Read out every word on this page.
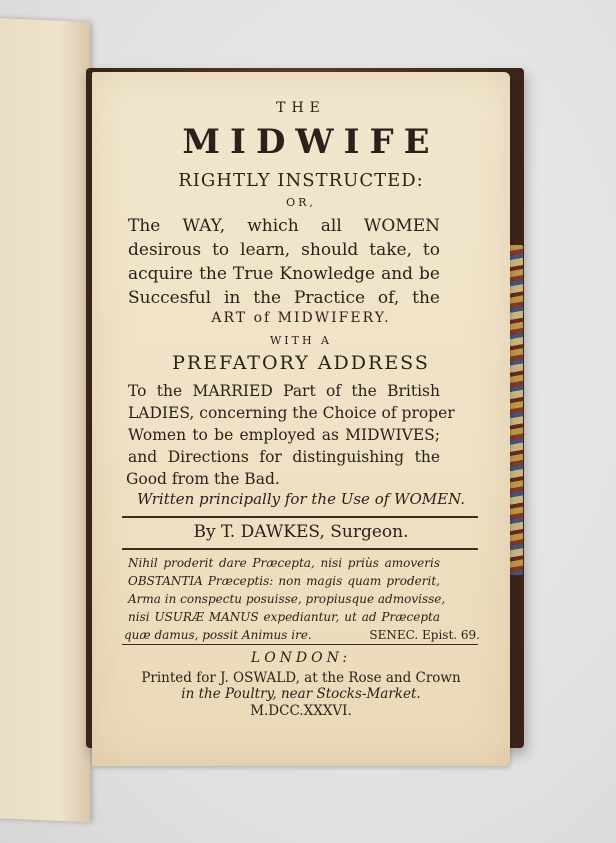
THE
MIDWIFE
RIGHTLY INSTRUCTED:
OR,
The WAY, which all WOMEN
desirous to learn, should take, to
acquire the True Knowledge and be
Succesful in the Practice of, the
ART of MIDWIFERY.
WITH A
PREFATORY ADDRESS
To the MARRIED Part of the British
LADIES, concerning the Choice of proper
Women to be employed as MIDWIVES;
and Directions for distinguishing the
Good from the Bad.
Written principally for the Use of WOMEN.
By T. DAWKES, Surgeon.
Nihil proderit dare Præcepta, nisi priùs amoveris
OBSTANTIA Præceptis: non magis quam proderit,
Arma in conspectu posuisse, propiusque admovisse,
nisi USURÆ MANUS expediantur, ut ad Præcepta
quæ damus, possit Animus ire.	SENEC. Epist. 69.
LONDON:
Printed for J. OSWALD, at the Rose and Crown
in the Poultry, near Stocks-Market.
M.DCC.XXXVI.
